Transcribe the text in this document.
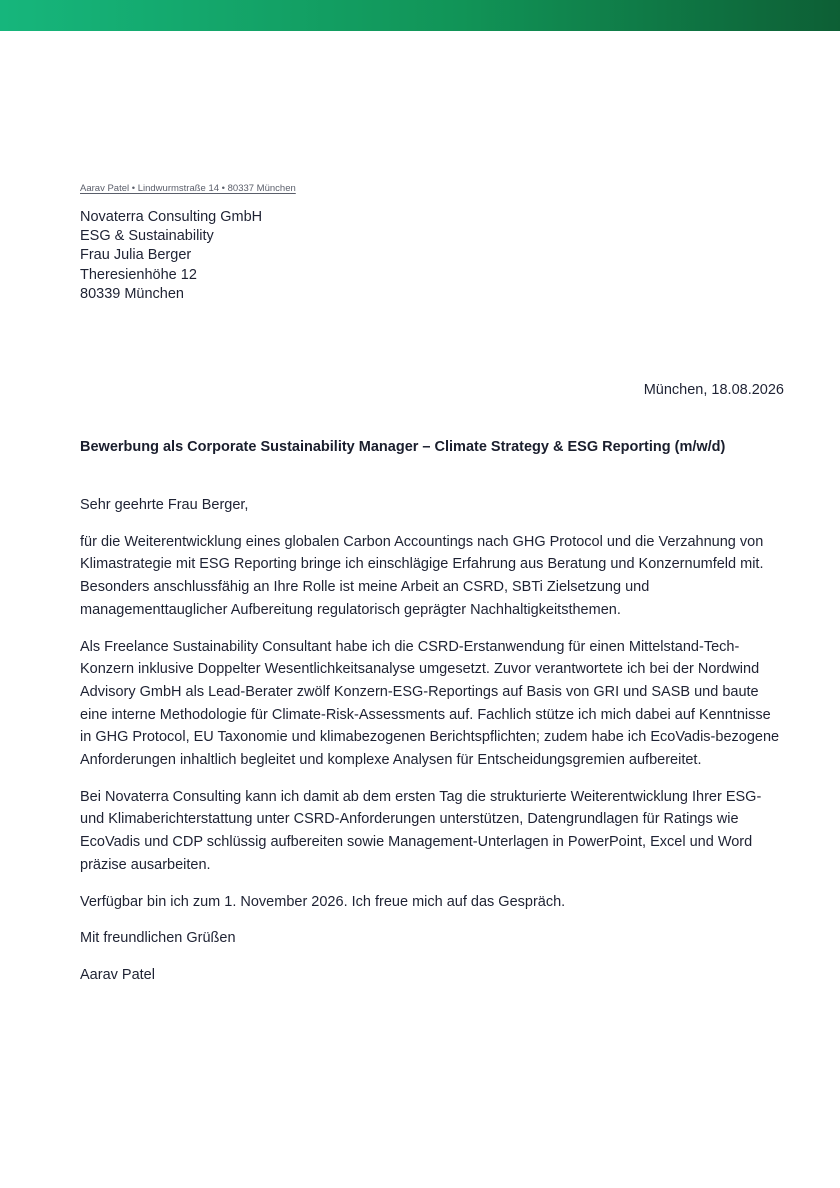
Aarav Patel • Lindwurmstraße 14 • 80337 München
Novaterra Consulting GmbH
ESG & Sustainability
Frau Julia Berger
Theresienhöhe 12
80339 München
München, 18.08.2026
Bewerbung als Corporate Sustainability Manager – Climate Strategy & ESG Reporting (m/w/d)

Sehr geehrte Frau Berger,

für die Weiterentwicklung eines globalen Carbon Accountings nach GHG Protocol und die Verzahnung von Klimastrategie mit ESG Reporting bringe ich einschlägige Erfahrung aus Beratung und Konzernumfeld mit. Besonders anschlussfähig an Ihre Rolle ist meine Arbeit an CSRD, SBTi Zielsetzung und managementtauglicher Aufbereitung regulatorisch geprägter Nachhaltigkeitsthemen.

Als Freelance Sustainability Consultant habe ich die CSRD-Erstanwendung für einen Mittelstand-Tech-Konzern inklusive Doppelter Wesentlichkeitsanalyse umgesetzt. Zuvor verantwortete ich bei der Nordwind Advisory GmbH als Lead-Berater zwölf Konzern-ESG-Reportings auf Basis von GRI und SASB und baute eine interne Methodologie für Climate-Risk-Assessments auf. Fachlich stütze ich mich dabei auf Kenntnisse in GHG Protocol, EU Taxonomie und klimabezogenen Berichtspflichten; zudem habe ich EcoVadis-bezogene Anforderungen inhaltlich begleitet und komplexe Analysen für Entscheidungsgremien aufbereitet.

Bei Novaterra Consulting kann ich damit ab dem ersten Tag die strukturierte Weiterentwicklung Ihrer ESG- und Klimaberichterstattung unter CSRD-Anforderungen unterstützen, Datengrundlagen für Ratings wie EcoVadis und CDP schlüssig aufbereiten sowie Management-Unterlagen in PowerPoint, Excel und Word präzise ausarbeiten.

Verfügbar bin ich zum 1. November 2026. Ich freue mich auf das Gespräch.

Mit freundlichen Grüßen

Aarav Patel
